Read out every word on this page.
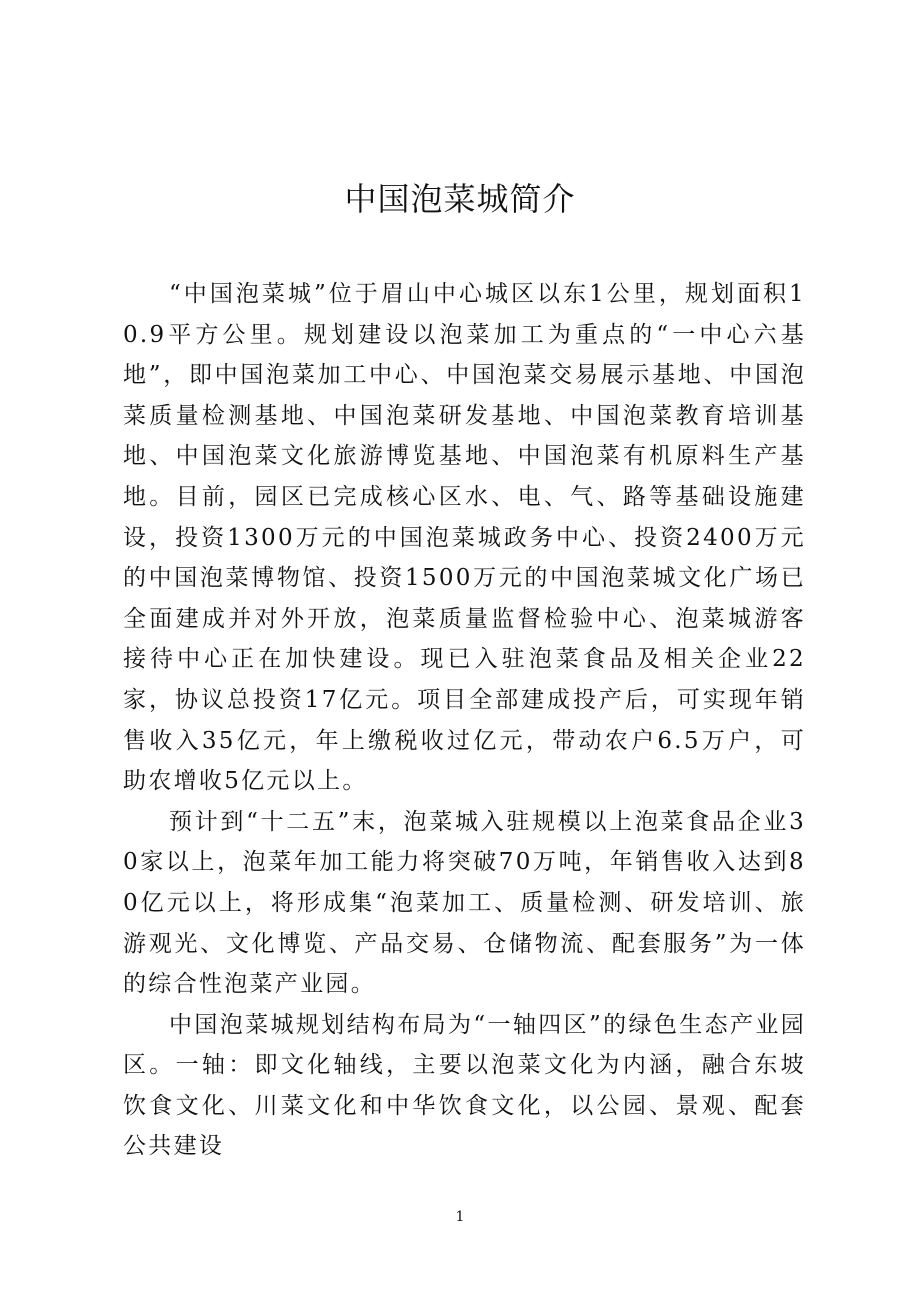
中国泡菜城简介

“中国泡菜城”位于眉山中心城区以东1公里，规划面积10.9平方公里。规划建设以泡菜加工为重点的“一中心六基地”，即中国泡菜加工中心、中国泡菜交易展示基地、中国泡菜质量检测基地、中国泡菜研发基地、中国泡菜教育培训基地、中国泡菜文化旅游博览基地、中国泡菜有机原料生产基地。目前，园区已完成核心区水、电、气、路等基础设施建设，投资1300万元的中国泡菜城政务中心、投资2400万元的中国泡菜博物馆、投资1500万元的中国泡菜城文化广场已全面建成并对外开放，泡菜质量监督检验中心、泡菜城游客接待中心正在加快建设。现已入驻泡菜食品及相关企业22家，协议总投资17亿元。项目全部建成投产后，可实现年销售收入35亿元，年上缴税收过亿元，带动农户6.5万户，可助农增收5亿元以上。

预计到“十二五”末，泡菜城入驻规模以上泡菜食品企业30家以上，泡菜年加工能力将突破70万吨，年销售收入达到80亿元以上，将形成集“泡菜加工、质量检测、研发培训、旅游观光、文化博览、产品交易、仓储物流、配套服务”为一体的综合性泡菜产业园。

中国泡菜城规划结构布局为“一轴四区”的绿色生态产业园区。一轴：即文化轴线，主要以泡菜文化为内涵，融合东坡饮食文化、川菜文化和中华饮食文化，以公园、景观、配套公共建设

1
